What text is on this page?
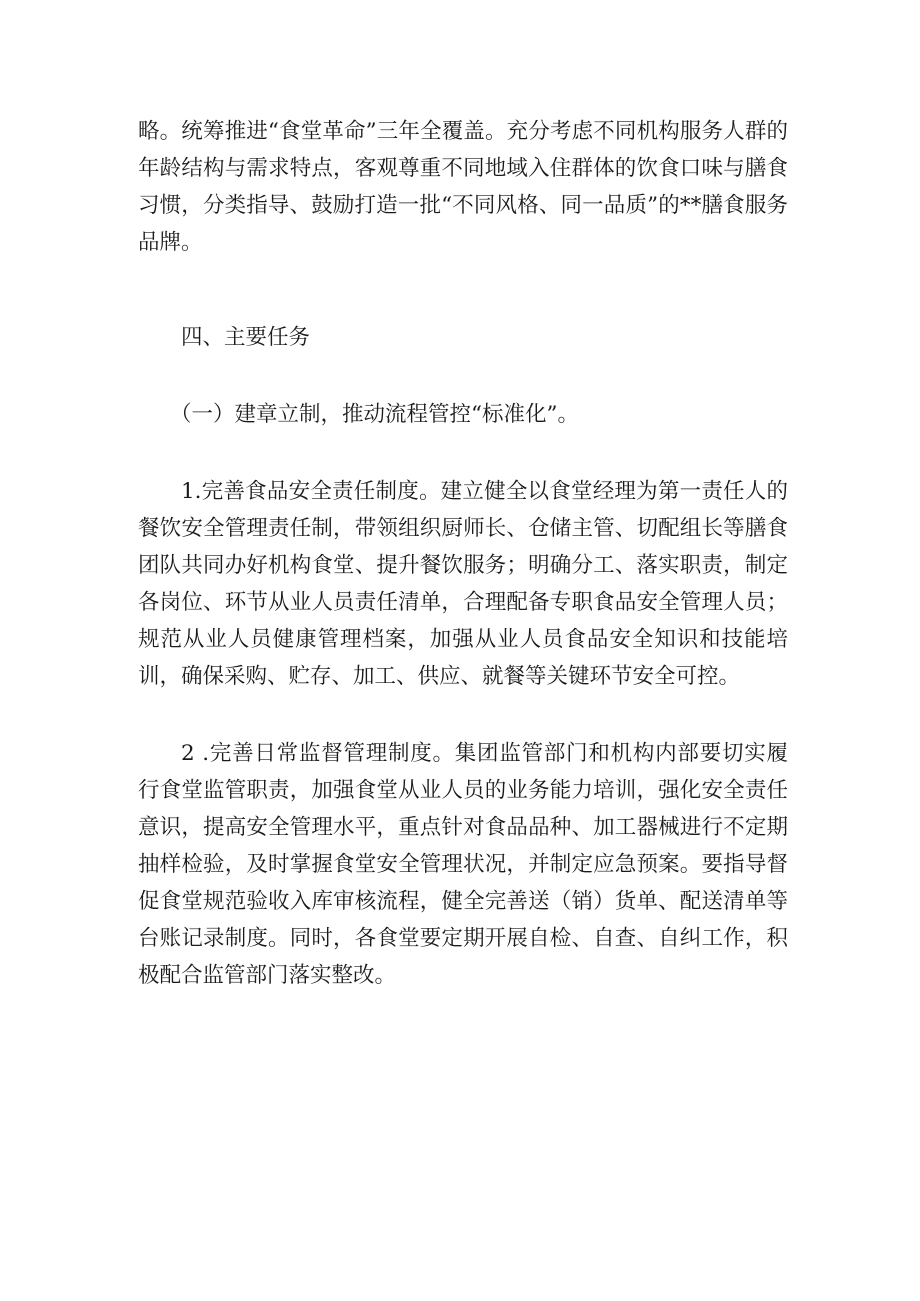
略。统筹推进“食堂革命”三年全覆盖。充分考虑不同机构服务人群的年龄结构与需求特点，客观尊重不同地域入住群体的饮食口味与膳食习惯，分类指导、鼓励打造一批“不同风格、同一品质”的**膳食服务品牌。

四、主要任务

（一）建章立制，推动流程管控“标准化”。

1.完善食品安全责任制度。建立健全以食堂经理为第一责任人的餐饮安全管理责任制，带领组织厨师长、仓储主管、切配组长等膳食团队共同办好机构食堂、提升餐饮服务；明确分工、落实职责，制定各岗位、环节从业人员责任清单，合理配备专职食品安全管理人员；规范从业人员健康管理档案，加强从业人员食品安全知识和技能培训，确保采购、贮存、加工、供应、就餐等关键环节安全可控。

2 .完善日常监督管理制度。集团监管部门和机构内部要切实履行食堂监管职责，加强食堂从业人员的业务能力培训，强化安全责任意识，提高安全管理水平，重点针对食品品种、加工器械进行不定期抽样检验，及时掌握食堂安全管理状况，并制定应急预案。要指导督促食堂规范验收入库审核流程，健全完善送（销）货单、配送清单等台账记录制度。同时，各食堂要定期开展自检、自查、自纠工作，积极配合监管部门落实整改。
